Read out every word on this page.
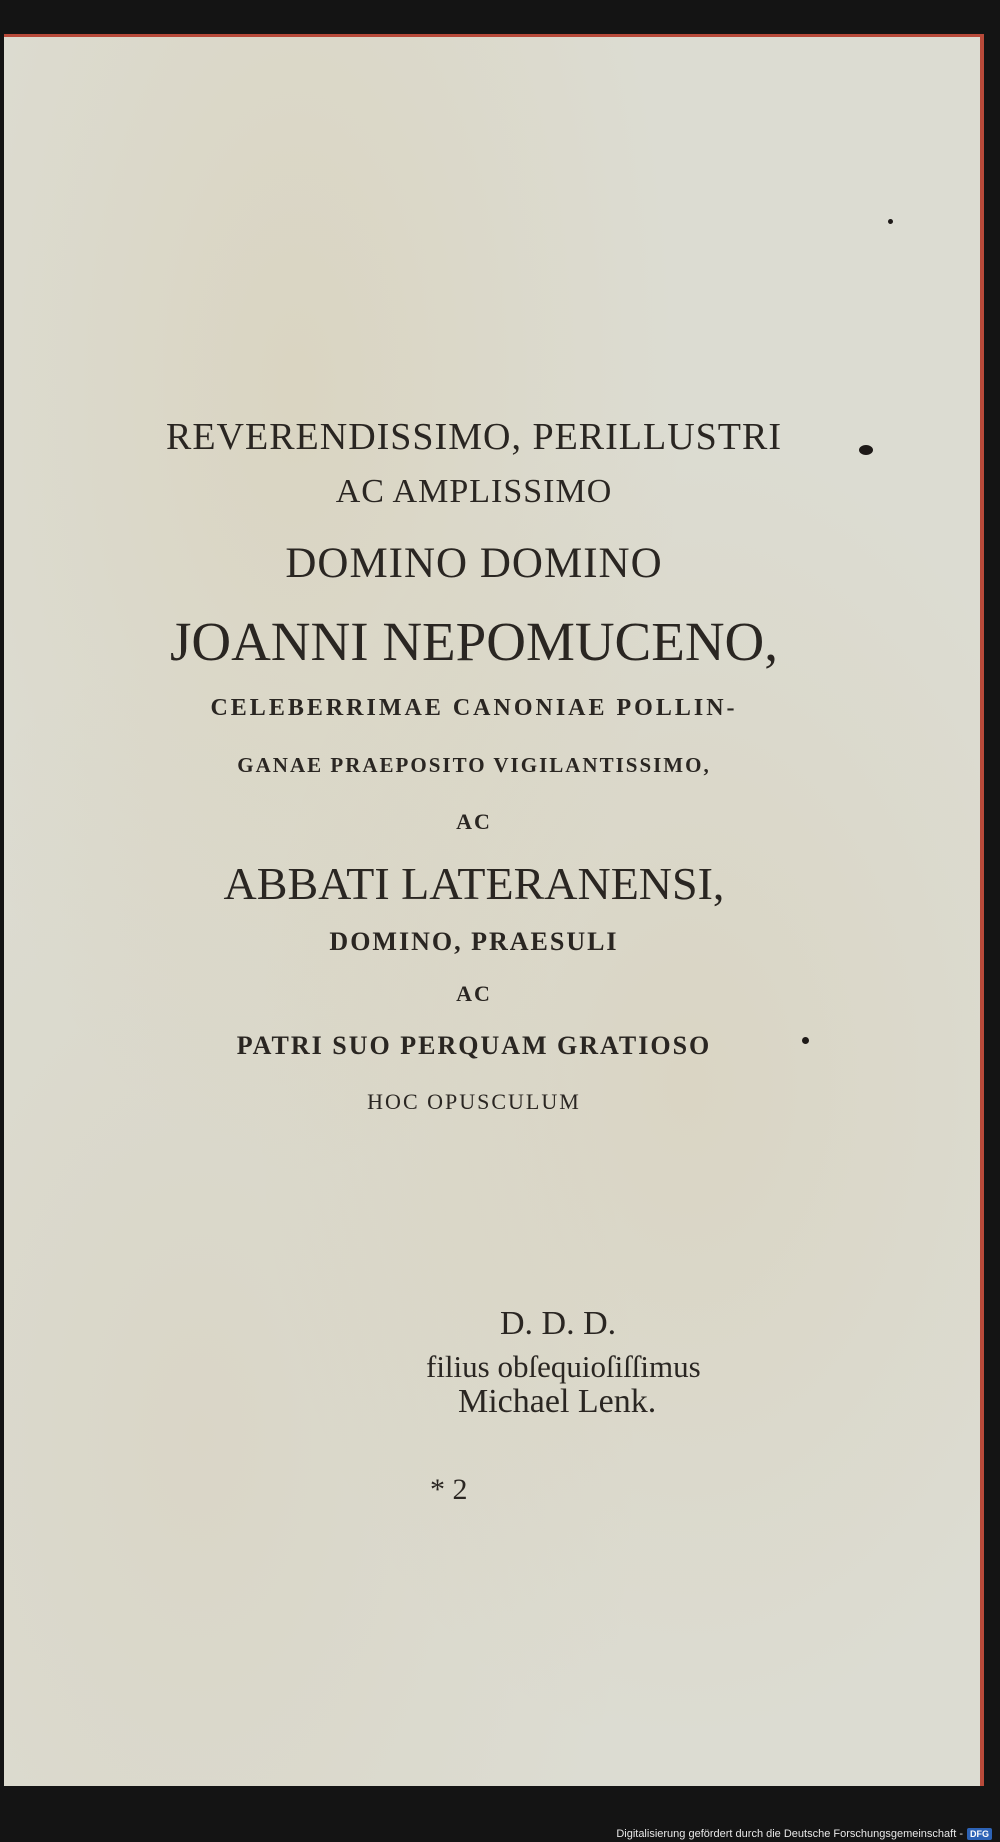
REVERENDISSIMO, PERILLUSTRI
AC AMPLISSIMO
DOMINO DOMINO
JOANNI NEPOMUCENO,
CELEBERRIMAE CANONIAE POLLIN-
GANAE PRAEPOSITO VIGILANTISSIMO,
AC
ABBATI LATERANENSI,
DOMINO, PRAESULI
AC
PATRI SUO PERQUAM GRATIOSO
HOC OPUSCULUM
D. D. D.
filius obſequioſiſſimus
Michael Lenk.
* 2
Digitalisierung gefördert durch die Deutsche Forschungsgemeinschaft - DFG
